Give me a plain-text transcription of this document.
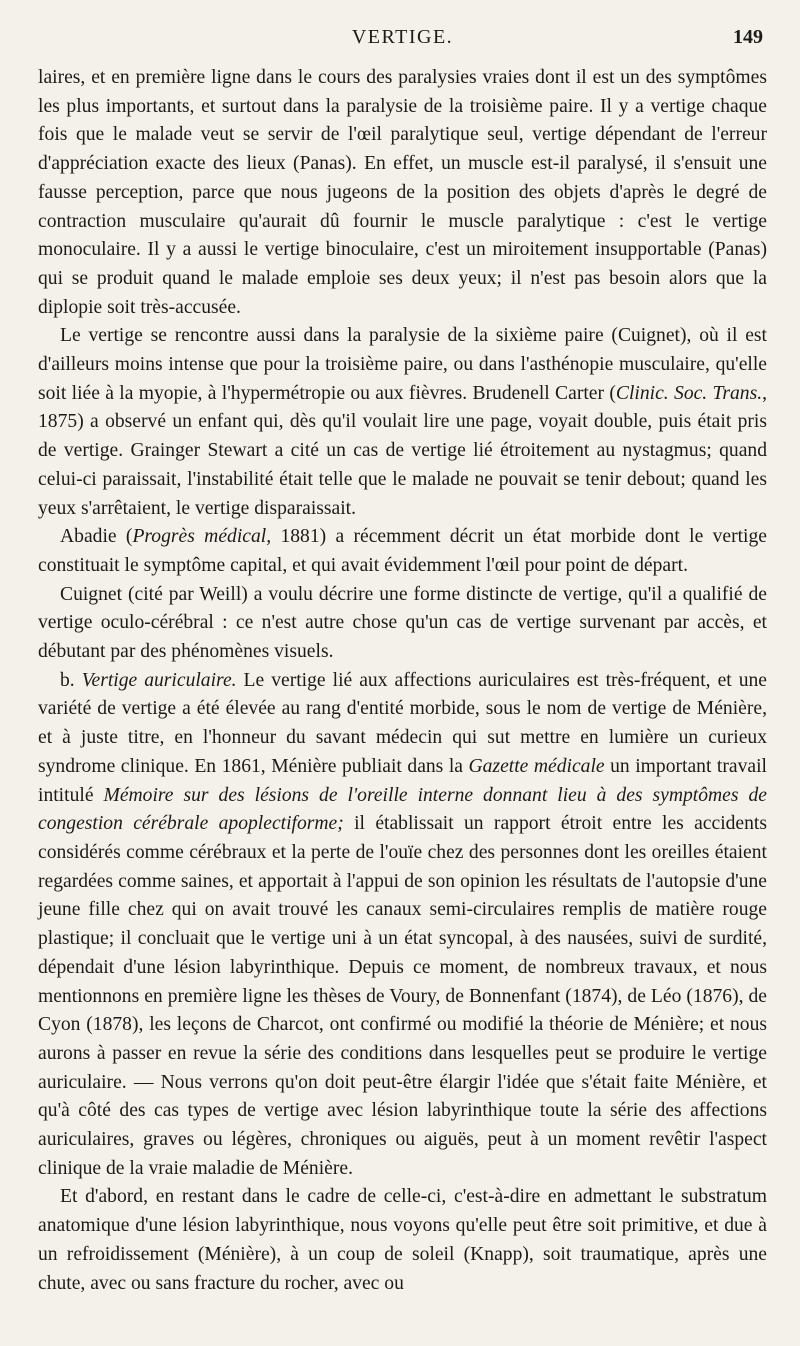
VERTIGE.	149

laires, et en première ligne dans le cours des paralysies vraies dont il est un des symptômes les plus importants, et surtout dans la paralysie de la troisième paire. Il y a vertige chaque fois que le malade veut se servir de l'œil paralytique seul, vertige dépendant de l'erreur d'appréciation exacte des lieux (Panas). En effet, un muscle est-il paralysé, il s'ensuit une fausse perception, parce que nous jugeons de la position des objets d'après le degré de contraction musculaire qu'aurait dû fournir le muscle paralytique : c'est le vertige monoculaire. Il y a aussi le vertige binoculaire, c'est un miroitement insupportable (Panas) qui se produit quand le malade emploie ses deux yeux; il n'est pas besoin alors que la diplopie soit très-accusée.

Le vertige se rencontre aussi dans la paralysie de la sixième paire (Cuignet), où il est d'ailleurs moins intense que pour la troisième paire, ou dans l'asthénopie musculaire, qu'elle soit liée à la myopie, à l'hypermétropie ou aux fièvres. Brudenell Carter (Clinic. Soc. Trans., 1875) a observé un enfant qui, dès qu'il voulait lire une page, voyait double, puis était pris de vertige. Grainger Stewart a cité un cas de vertige lié étroitement au nystagmus; quand celui-ci paraissait, l'instabilité était telle que le malade ne pouvait se tenir debout; quand les yeux s'arrêtaient, le vertige disparaissait.

Abadie (Progrès médical, 1881) a récemment décrit un état morbide dont le vertige constituait le symptôme capital, et qui avait évidemment l'œil pour point de départ.

Cuignet (cité par Weill) a voulu décrire une forme distincte de vertige, qu'il a qualifié de vertige oculo-cérébral : ce n'est autre chose qu'un cas de vertige survenant par accès, et débutant par des phénomènes visuels.

b. Vertige auriculaire. Le vertige lié aux affections auriculaires est très-fréquent, et une variété de vertige a été élevée au rang d'entité morbide, sous le nom de vertige de Ménière, et à juste titre, en l'honneur du savant médecin qui sut mettre en lumière un curieux syndrome clinique. En 1861, Ménière publiait dans la Gazette médicale un important travail intitulé Mémoire sur des lésions de l'oreille interne donnant lieu à des symptômes de congestion cérébrale apoplectiforme; il établissait un rapport étroit entre les accidents considérés comme cérébraux et la perte de l'ouïe chez des personnes dont les oreilles étaient regardées comme saines, et apportait à l'appui de son opinion les résultats de l'autopsie d'une jeune fille chez qui on avait trouvé les canaux semi-circulaires remplis de matière rouge plastique; il concluait que le vertige uni à un état syncopal, à des nausées, suivi de surdité, dépendait d'une lésion labyrinthique. Depuis ce moment, de nombreux travaux, et nous mentionnons en première ligne les thèses de Voury, de Bonnenfant (1874), de Léo (1876), de Cyon (1878), les leçons de Charcot, ont confirmé ou modifié la théorie de Ménière; et nous aurons à passer en revue la série des conditions dans lesquelles peut se produire le vertige auriculaire. — Nous verrons qu'on doit peut-être élargir l'idée que s'était faite Ménière, et qu'à côté des cas types de vertige avec lésion labyrinthique toute la série des affections auriculaires, graves ou légères, chroniques ou aiguës, peut à un moment revêtir l'aspect clinique de la vraie maladie de Ménière.

Et d'abord, en restant dans le cadre de celle-ci, c'est-à-dire en admettant le substratum anatomique d'une lésion labyrinthique, nous voyons qu'elle peut être soit primitive, et due à un refroidissement (Ménière), à un coup de soleil (Knapp), soit traumatique, après une chute, avec ou sans fracture du rocher, avec ou
